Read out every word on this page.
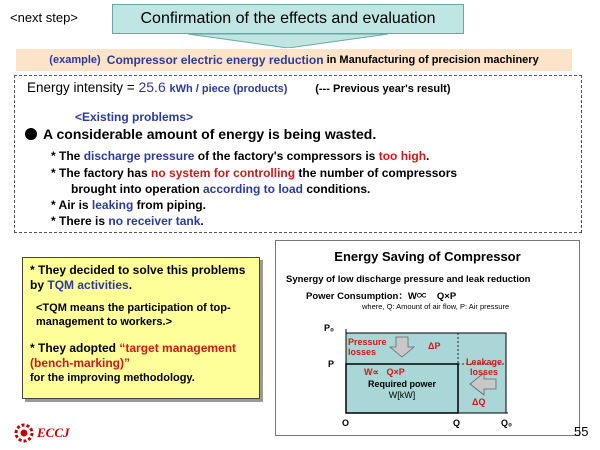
<next step>	Confirmation of the effects and evaluation
(example)
Compressor electric energy reduction
in Manufacturing of precision machinery
Energy intensity = 25.6 kWh / piece (products)	(--- Previous year's result)
<Existing problems>
A considerable amount of energy is being wasted.
* The discharge pressure of the factory's compressors is too high.
* The factory has no system for controlling the number of compressors
brought into operation according to load conditions.
* Air is leaking from piping.
* There is no receiver tank.
* They decided to solve this problems by TQM activities.
<TQM means the participation of top-management to workers.>
* They adopted “target management (bench-marking)”
for the improving methodology.
Energy Saving of Compressor
Synergy of low discharge pressure and leak reduction
Power Consumption：W∝ Q×P
where, Q: Amount of air flow, P: Air pressure
P₀
P
O	Q	Q₀
Pressure losses
ΔP
Leakage losses
ΔQ
W∝ Q×P
Required power
W[kW]
ECCJ	55
